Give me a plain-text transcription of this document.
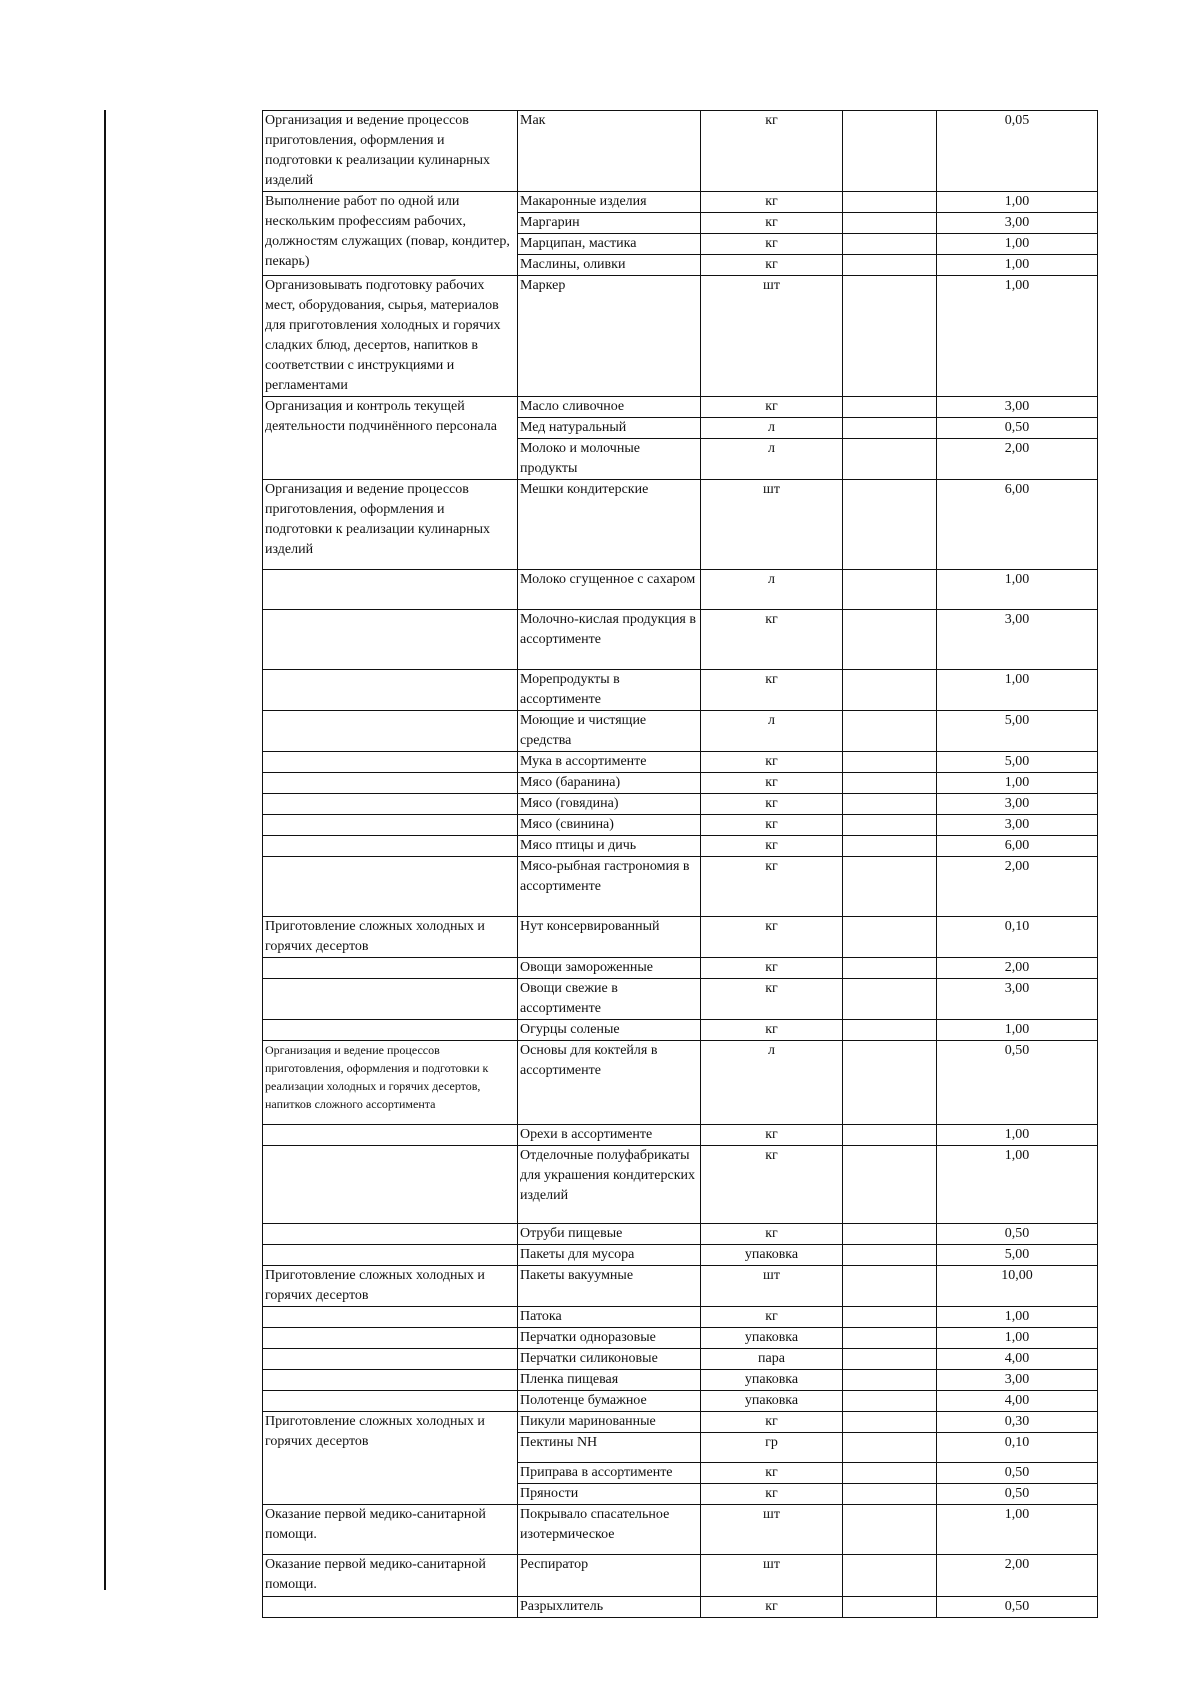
Организация и ведение процессов приготовления, оформления и подготовки к реализации кулинарных изделий	Мак	кг		0,05
Выполнение работ по одной или нескольким профессиям рабочих, должностям служащих (повар, кондитер, пекарь)	Макаронные изделия	кг		1,00
	Маргарин	кг		3,00
	Марципан, мастика	кг		1,00
	Маслины, оливки	кг		1,00
Организовывать подготовку рабочих мест, оборудования, сырья, материалов для приготовления холодных и горячих сладких блюд, десертов, напитков в соответствии с инструкциями и регламентами	Маркер	шт		1,00
Организация и контроль текущей деятельности подчинённого персонала	Масло сливочное	кг		3,00
	Мед натуральный	л		0,50
	Молоко и молочные продукты	л		2,00
Организация и ведение процессов приготовления, оформления и подготовки к реализации кулинарных изделий	Мешки кондитерские	шт		6,00
	Молоко сгущенное с сахаром	л		1,00
	Молочно-кислая продукция в ассортименте	кг		3,00
	Морепродукты в ассортименте	кг		1,00
	Моющие и чистящие средства	л		5,00
	Мука в ассортименте	кг		5,00
	Мясо (баранина)	кг		1,00
	Мясо (говядина)	кг		3,00
	Мясо (свинина)	кг		3,00
	Мясо птицы и дичь	кг		6,00
	Мясо-рыбная гастрономия в ассортименте	кг		2,00
Приготовление сложных холодных и горячих десертов	Нут консервированный	кг		0,10
	Овощи замороженные	кг		2,00
	Овощи свежие в ассортименте	кг		3,00
	Огурцы соленые	кг		1,00
Организация и ведение процессов приготовления, оформления и подготовки к реализации холодных и горячих десертов, напитков сложного ассортимента	Основы для коктейля в ассортименте	л		0,50
	Орехи в ассортименте	кг		1,00
	Отделочные полуфабрикаты для украшения кондитерских изделий	кг		1,00
	Отруби пищевые	кг		0,50
	Пакеты для мусора	упаковка		5,00
Приготовление сложных холодных и горячих десертов	Пакеты вакуумные	шт		10,00
	Патока	кг		1,00
	Перчатки одноразовые	упаковка		1,00
	Перчатки силиконовые	пара		4,00
	Пленка пищевая	упаковка		3,00
	Полотенце бумажное	упаковка		4,00
Приготовление сложных холодных и горячих десертов	Пикули маринованные	кг		0,30
	Пектины NH	гр		0,10
	Приправа в ассортименте	кг		0,50
	Пряности	кг		0,50
Оказание первой медико-санитарной помощи.	Покрывало спасательное изотермическое	шт		1,00
Оказание первой медико-санитарной помощи.	Респиратор	шт		2,00
	Разрыхлитель	кг		0,50
